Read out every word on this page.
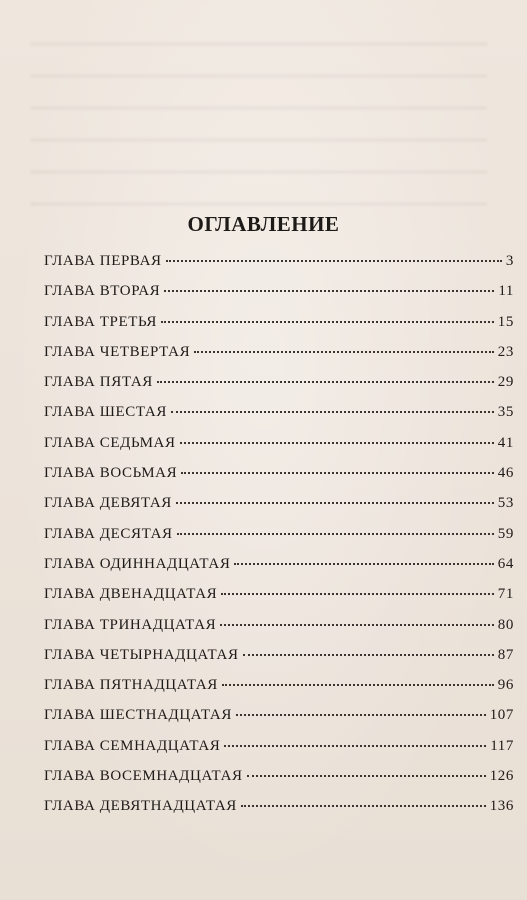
ОГЛАВЛЕНИЕ
ГЛАВА ПЕРВАЯ	3
ГЛАВА ВТОРАЯ	11
ГЛАВА ТРЕТЬЯ	15
ГЛАВА ЧЕТВЕРТАЯ	23
ГЛАВА ПЯТАЯ	29
ГЛАВА ШЕСТАЯ	35
ГЛАВА СЕДЬМАЯ	41
ГЛАВА ВОСЬМАЯ	46
ГЛАВА ДЕВЯТАЯ	53
ГЛАВА ДЕСЯТАЯ	59
ГЛАВА ОДИННАДЦАТАЯ	64
ГЛАВА ДВЕНАДЦАТАЯ	71
ГЛАВА ТРИНАДЦАТАЯ	80
ГЛАВА ЧЕТЫРНАДЦАТАЯ	87
ГЛАВА ПЯТНАДЦАТАЯ	96
ГЛАВА ШЕСТНАДЦАТАЯ	107
ГЛАВА СЕМНАДЦАТАЯ	117
ГЛАВА ВОСЕМНАДЦАТАЯ	126
ГЛАВА ДЕВЯТНАДЦАТАЯ	136
